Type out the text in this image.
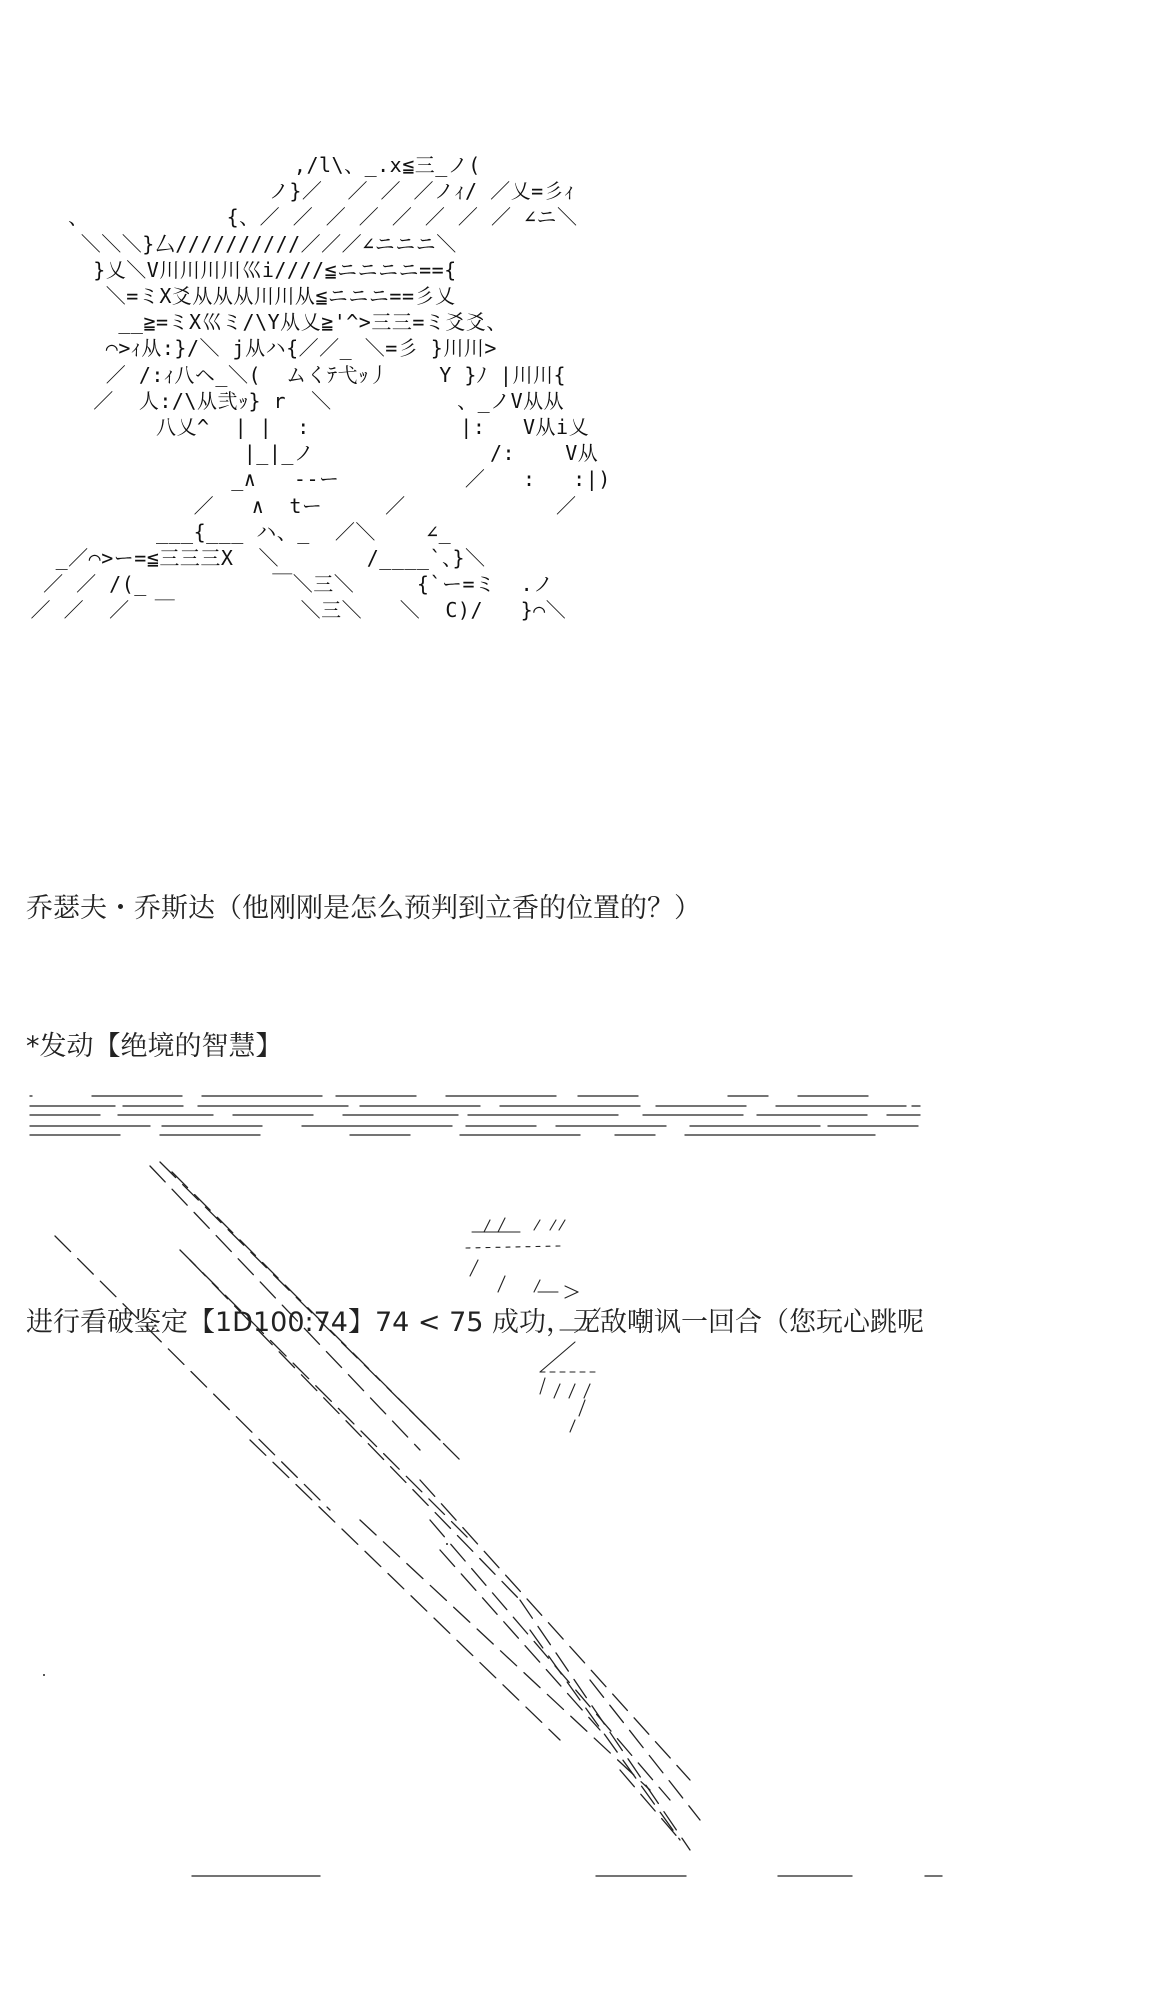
,/l\、_.x≦三_ノ(
ノ}／  ／ ／ ／ノｨ/ ／乂=彡ｨ
、           {、／ ／ ／ ／ ／ ／ ／ ／ ∠ニ＼
＼＼＼}厶//////////／／／∠ニニニ＼
}乂＼V川川川川巛i////≦ニニニニ=={
＼=ミX爻从从从川川从≦ニニニ==彡乂
__≧=ミX巛ミ/\Y从乂≧'^>三三=ミ爻爻、
⌒>ｨ从:}/＼ j从ハ{／／_ ＼=彡 }川川>
／ /:ｨ八ヘ_＼(  ムくﾃ弋ｯ丿    Y }ﾉ |川川{
／  人:/\从弐ｯ} r  ＼          、_ノV从从
八乂^  | |  :            |:   V从i乂
|_|_ノ              /:    V从
_∧   --ー          ／   :   :|)
／   ∧  tー     ／            ／
___{___ ハ、_  ／＼    ∠_
_／⌒>ー=≦三三三X  ＼       /____`、}＼
／ ／ /(_          ￣＼三＼     {`ー=ミ  .ノ
／ ／  ／  ￣          ＼三＼   ＼  C)/   }⌒＼

乔瑟夫・乔斯达（他刚刚是怎么预判到立香的位置的？）

*发动【绝境的智慧】

进行看破鉴定【1D100:74】74 < 75 成功，无敌嘲讽一回合（您玩心跳呢
